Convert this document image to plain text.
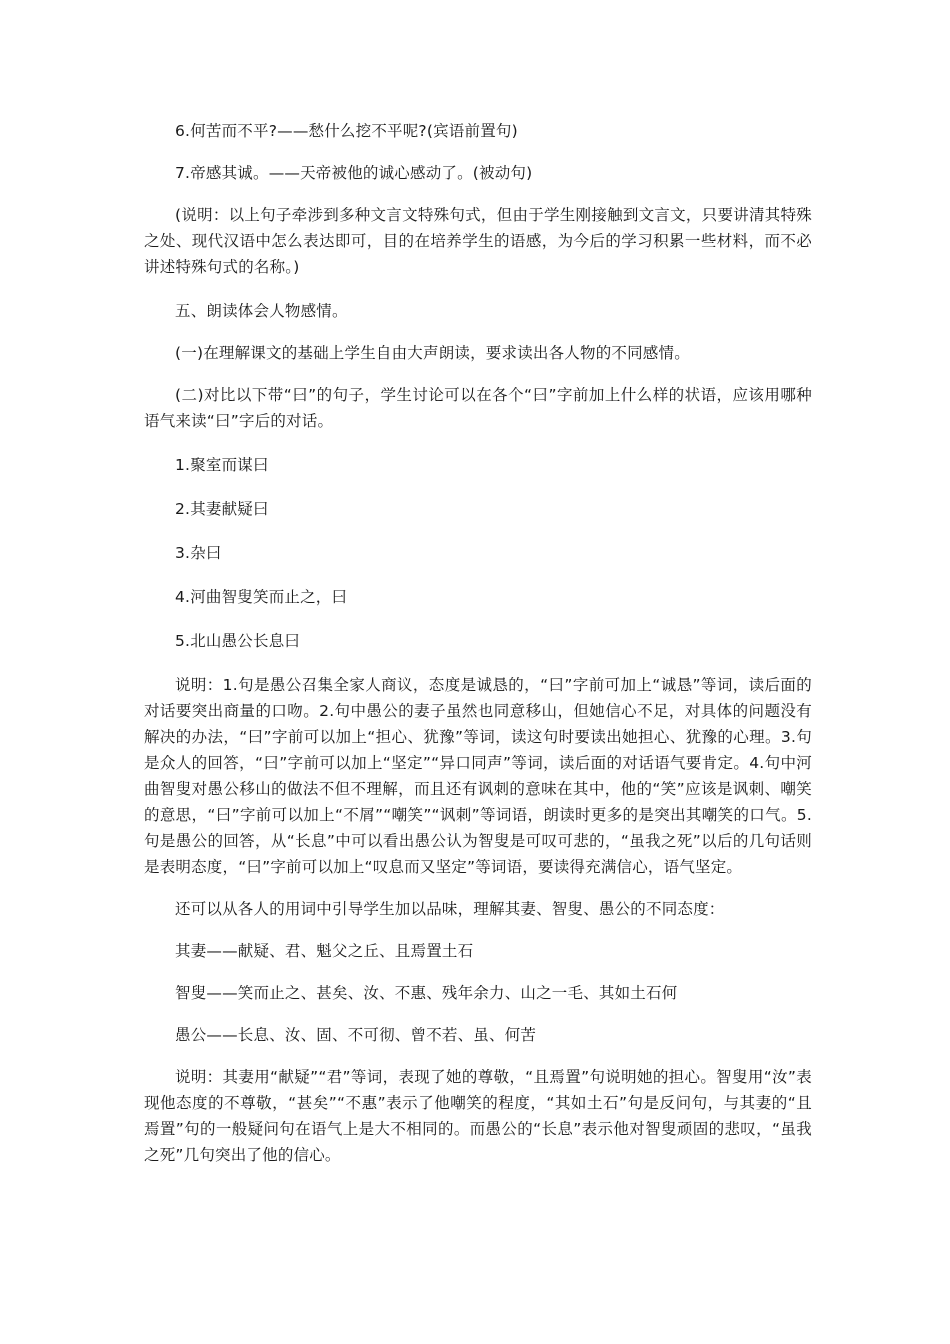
6.何苦而不平?——愁什么挖不平呢?(宾语前置句)

7.帝感其诚。——天帝被他的诚心感动了。(被动句)

(说明：以上句子牵涉到多种文言文特殊句式，但由于学生刚接触到文言文，只要讲清其特殊之处、现代汉语中怎么表达即可，目的在培养学生的语感，为今后的学习积累一些材料，而不必讲述特殊句式的名称。)

五、朗读体会人物感情。

(一)在理解课文的基础上学生自由大声朗读，要求读出各人物的不同感情。

(二)对比以下带“曰”的句子，学生讨论可以在各个“曰”字前加上什么样的状语，应该用哪种语气来读“曰”字后的对话。

1.聚室而谋曰

2.其妻献疑曰

3.杂曰

4.河曲智叟笑而止之，曰

5.北山愚公长息曰

说明：1.句是愚公召集全家人商议，态度是诚恳的，“曰”字前可加上“诚恳”等词，读后面的对话要突出商量的口吻。2.句中愚公的妻子虽然也同意移山，但她信心不足，对具体的问题没有解决的办法，“曰”字前可以加上“担心、犹豫”等词，读这句时要读出她担心、犹豫的心理。3.句是众人的回答，“曰”字前可以加上“坚定”“异口同声”等词，读后面的对话语气要肯定。4.句中河曲智叟对愚公移山的做法不但不理解，而且还有讽刺的意味在其中，他的“笑”应该是讽刺、嘲笑的意思，“曰”字前可以加上“不屑”“嘲笑”“讽刺”等词语，朗读时更多的是突出其嘲笑的口气。5.句是愚公的回答，从“长息”中可以看出愚公认为智叟是可叹可悲的，“虽我之死”以后的几句话则是表明态度，“曰”字前可以加上“叹息而又坚定”等词语，要读得充满信心，语气坚定。

还可以从各人的用词中引导学生加以品味，理解其妻、智叟、愚公的不同态度：

其妻——献疑、君、魁父之丘、且焉置土石

智叟——笑而止之、甚矣、汝、不惠、残年余力、山之一毛、其如土石何

愚公——长息、汝、固、不可彻、曾不若、虽、何苦

说明：其妻用“献疑”“君”等词，表现了她的尊敬，“且焉置”句说明她的担心。智叟用“汝”表现他态度的不尊敬，“甚矣”“不惠”表示了他嘲笑的程度，“其如土石”句是反问句，与其妻的“且焉置”句的一般疑问句在语气上是大不相同的。而愚公的“长息”表示他对智叟顽固的悲叹，“虽我之死”几句突出了他的信心。
